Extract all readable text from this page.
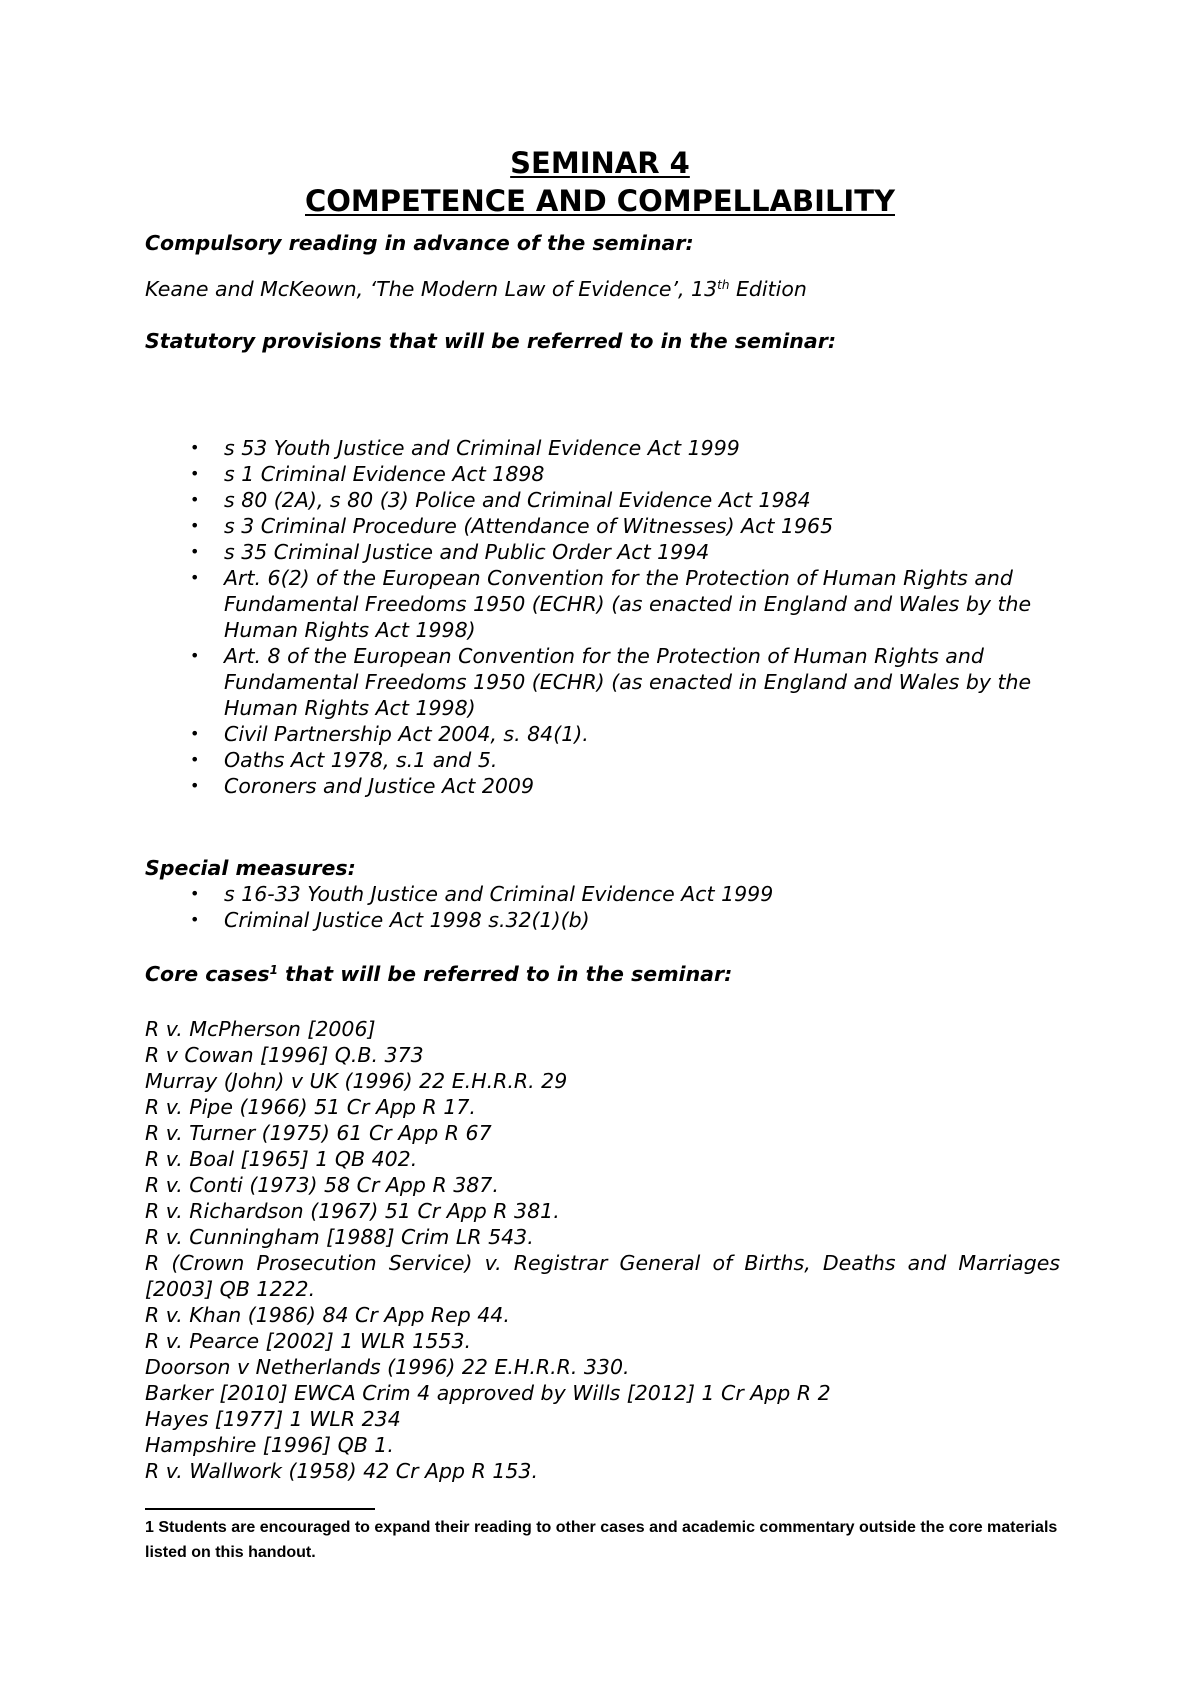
SEMINAR 4
COMPETENCE AND COMPELLABILITY

Compulsory reading in advance of the seminar:

Keane and McKeown, ‘The Modern Law of Evidence’, 13th Edition

Statutory provisions that will be referred to in the seminar:

• s 53 Youth Justice and Criminal Evidence Act 1999
• s 1 Criminal Evidence Act 1898
• s 80 (2A), s 80 (3) Police and Criminal Evidence Act 1984
• s 3 Criminal Procedure (Attendance of Witnesses) Act 1965
• s 35 Criminal Justice and Public Order Act 1994
• Art. 6(2) of the European Convention for the Protection of Human Rights and Fundamental Freedoms 1950 (ECHR) (as enacted in England and Wales by the Human Rights Act 1998)
• Art. 8 of the European Convention for the Protection of Human Rights and Fundamental Freedoms 1950 (ECHR) (as enacted in England and Wales by the Human Rights Act 1998)
• Civil Partnership Act 2004, s. 84(1).
• Oaths Act 1978, s.1 and 5.
• Coroners and Justice Act 2009

Special measures:

• s 16-33 Youth Justice and Criminal Evidence Act 1999
• Criminal Justice Act 1998 s.32(1)(b)

Core cases$^1$ that will be referred to in the seminar:

R v. McPherson [2006]
R v Cowan [1996] Q.B. 373
Murray (John) v UK (1996) 22 E.H.R.R. 29
R v. Pipe (1966) 51 Cr App R 17.
R v. Turner (1975) 61 Cr App R 67
R v. Boal [1965] 1 QB 402.
R v. Conti (1973) 58 Cr App R 387.
R v. Richardson (1967) 51 Cr App R 381.
R v. Cunningham [1988] Crim LR 543.
R (Crown Prosecution Service) v. Registrar General of Births, Deaths and Marriages [2003] QB 1222.
R v. Khan (1986) 84 Cr App Rep 44.
R v. Pearce [2002] 1 WLR 1553.
Doorson v Netherlands (1996) 22 E.H.R.R. 330.
Barker [2010] EWCA Crim 4 approved by Wills [2012] 1 Cr App R 2
Hayes [1977] 1 WLR 234
Hampshire [1996] QB 1.
R v. Wallwork (1958) 42 Cr App R 153.

1 Students are encouraged to expand their reading to other cases and academic commentary outside the core materials listed on this handout.
